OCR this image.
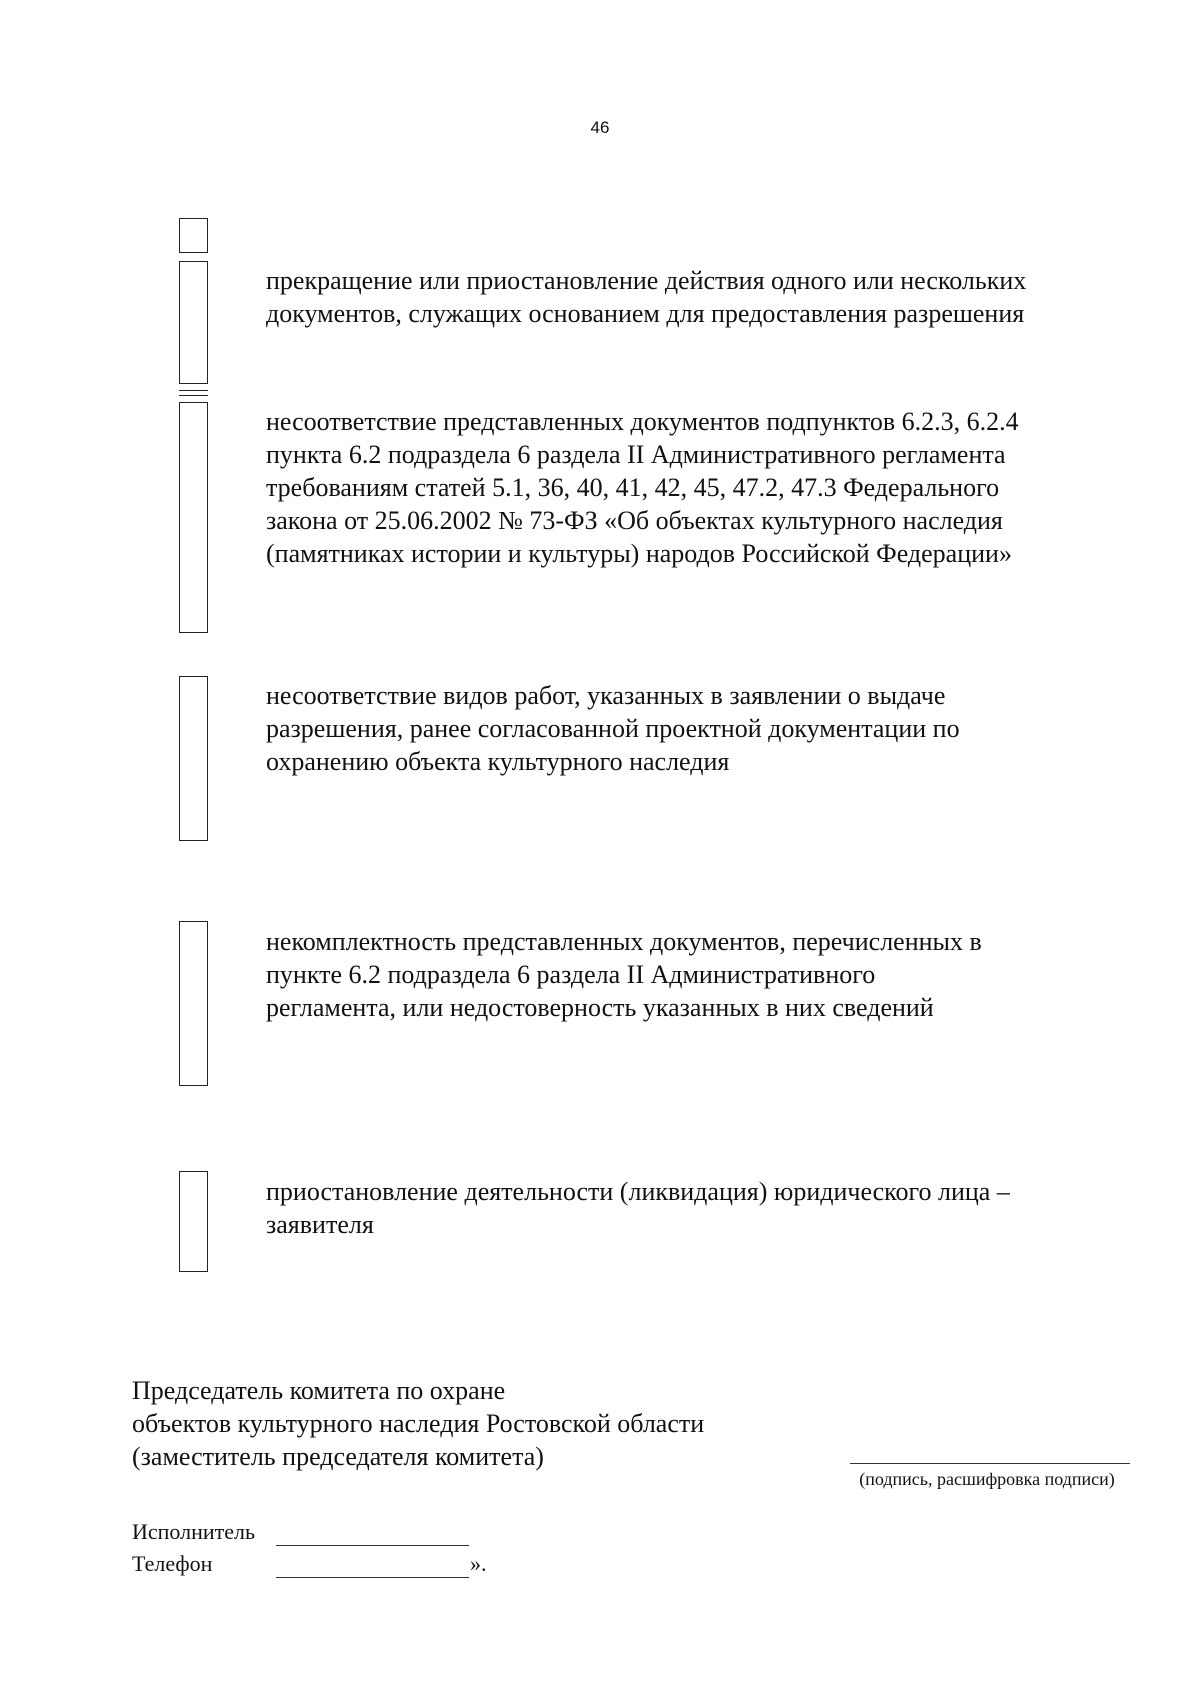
46
прекращение или приостановление действия одного или нескольких
документов, служащих основанием для предоставления разрешения
несоответствие представленных документов подпунктов 6.2.3, 6.2.4
пункта 6.2 подраздела 6 раздела II Административного регламента
требованиям статей 5.1, 36, 40, 41, 42, 45, 47.2, 47.3 Федерального
закона от 25.06.2002 № 73-ФЗ «Об объектах культурного наследия
(памятниках истории и культуры) народов Российской Федерации»
несоответствие видов работ, указанных в заявлении о выдаче
разрешения, ранее согласованной проектной документации по
охранению объекта культурного наследия
некомплектность представленных документов, перечисленных в
пункте 6.2 подраздела 6 раздела II Административного
регламента, или недостоверность указанных в них сведений
приостановление деятельности (ликвидация) юридического лица –
заявителя
Председатель комитета по охране
объектов культурного наследия Ростовской области
(заместитель председателя комитета)
(подпись, расшифровка подписи)
Исполнитель
Телефон	».
